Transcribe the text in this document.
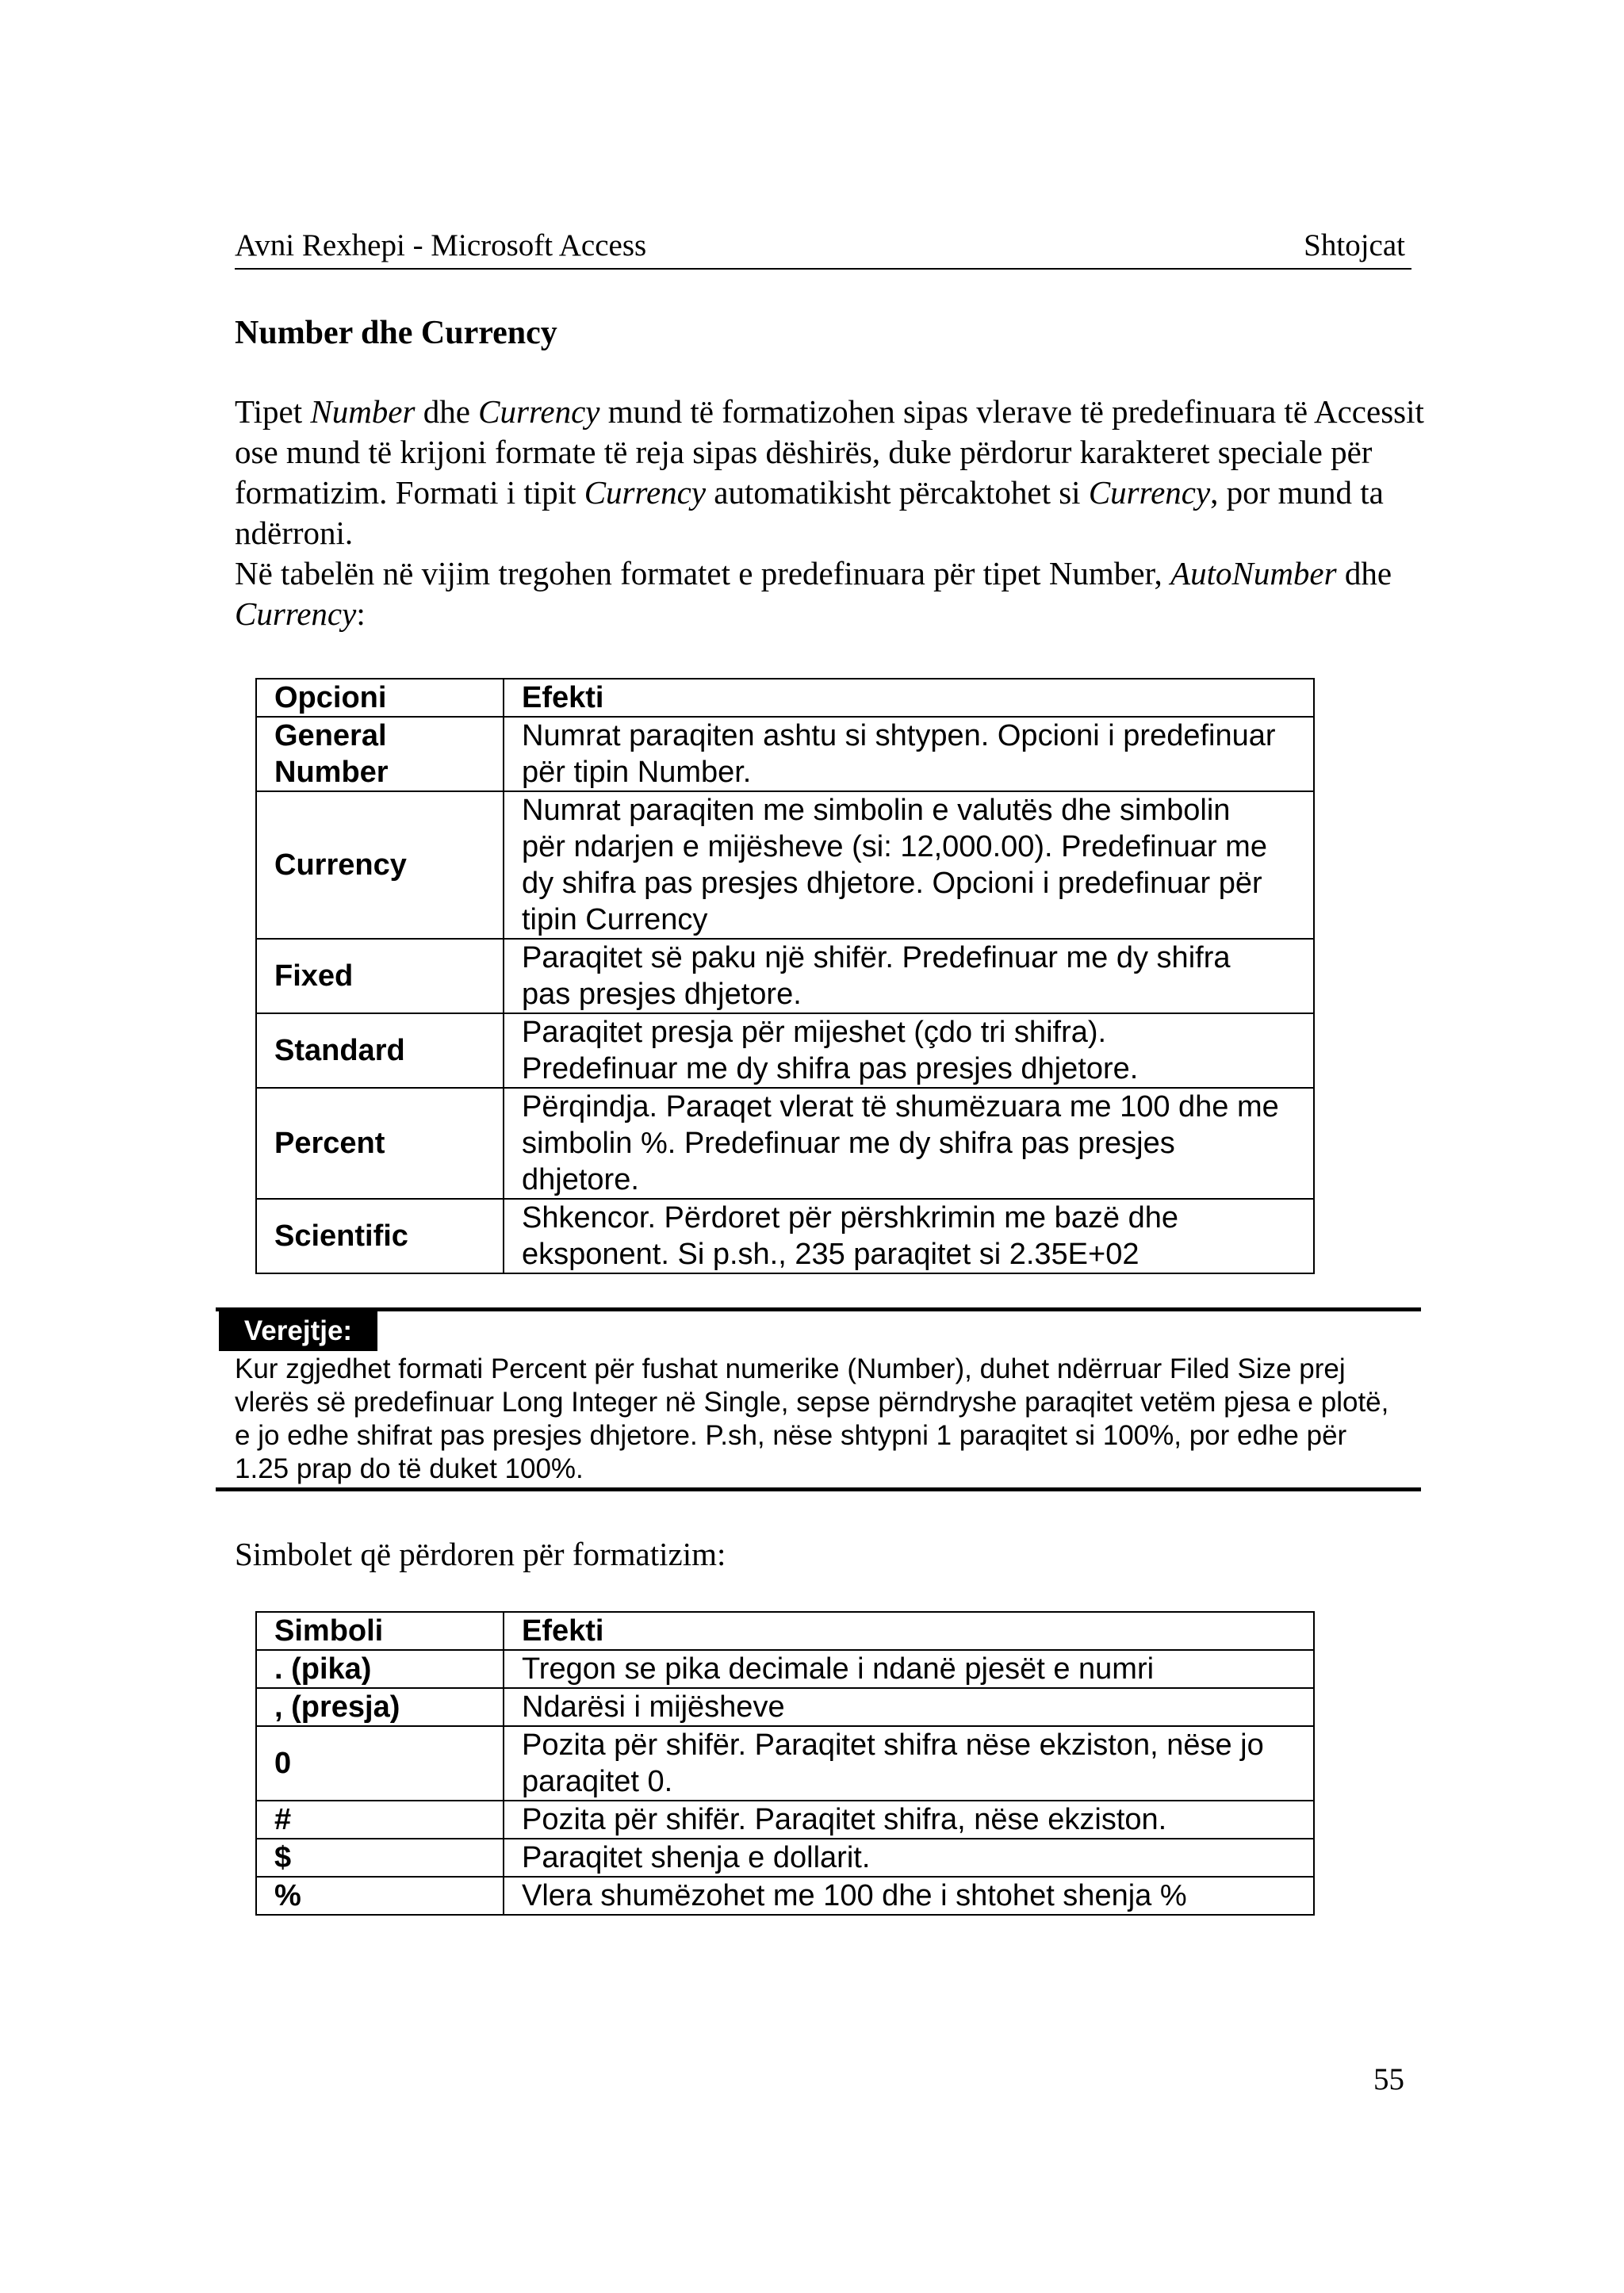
Avni Rexhepi - Microsoft Access	Shtojcat
Number dhe Currency

Tipet Number dhe Currency mund të formatizohen sipas vlerave të predefinuara të Accessit ose mund të krijoni formate të reja sipas dëshirës, duke përdorur karakteret speciale për formatizim. Formati i tipit Currency automatikisht përcaktohet si Currency, por mund ta ndërroni.

Në tabelën në vijim tregohen formatet e predefinuara për tipet Number, AutoNumber dhe Currency:

Opcioni	Efekti
General Number	Numrat paraqiten ashtu si shtypen. Opcioni i predefinuar për tipin Number.
Currency	Numrat paraqiten me simbolin e valutës dhe simbolin për ndarjen e mijësheve (si: 12,000.00). Predefinuar me dy shifra pas presjes dhjetore. Opcioni i predefinuar për tipin Currency
Fixed	Paraqitet së paku një shifër. Predefinuar me dy shifra pas presjes dhjetore.
Standard	Paraqitet presja për mijeshet (çdo tri shifra). Predefinuar me dy shifra pas presjes dhjetore.
Percent	Përqindja. Paraqet vlerat të shumëzuara me 100 dhe me simbolin %. Predefinuar me dy shifra pas presjes dhjetore.
Scientific	Shkencor. Përdoret për përshkrimin me bazë dhe eksponent. Si p.sh., 235 paraqitet si 2.35E+02
Verejtje:
Kur zgjedhet formati Percent për fushat numerike (Number), duhet ndërruar Filed Size prej vlerës së predefinuar Long Integer në Single, sepse përndryshe paraqitet vetëm pjesa e plotë, e jo edhe shifrat pas presjes dhjetore. P.sh, nëse shtypni 1 paraqitet si 100%, por edhe për 1.25 prap do të duket 100%.
Simbolet që përdoren për formatizim:
Simboli	Efekti
. (pika)	Tregon se pika decimale i ndanë pjesët e numri
, (presja)	Ndarësi i mijësheve
0	Pozita për shifër. Paraqitet shifra nëse ekziston, nëse jo paraqitet 0.
#	Pozita për shifër. Paraqitet shifra, nëse ekziston.
$	Paraqitet shenja e dollarit.
%	Vlera shumëzohet me 100 dhe i shtohet shenja %
55
